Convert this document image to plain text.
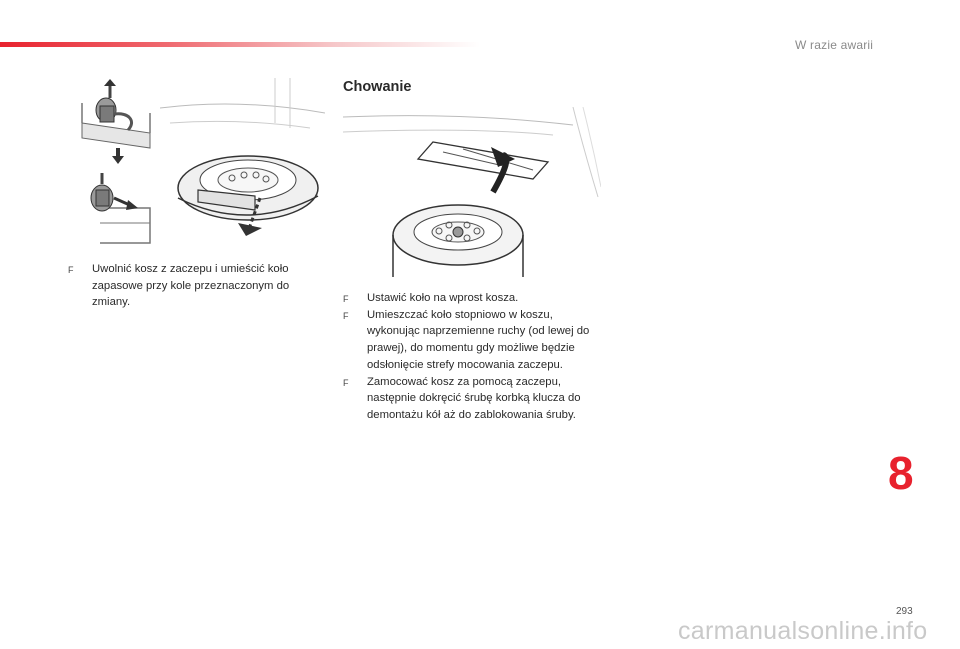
W razie awarii
Chowanie
F Uwolnić kosz z zaczepu i umieścić koło zapasowe przy kole przeznaczonym do zmiany.	F Ustawić koło na wprost kosza.
F Umieszczać koło stopniowo w koszu, wykonując naprzemienne ruchy (od lewej do prawej), do momentu gdy możliwe będzie odsłonięcie strefy mocowania zaczepu.
F Zamocować kosz za pomocą zaczepu, następnie dokręcić śrubę korbką klucza do demontażu kół aż do zablokowania śruby.
8
293
carmanualsonline.info
